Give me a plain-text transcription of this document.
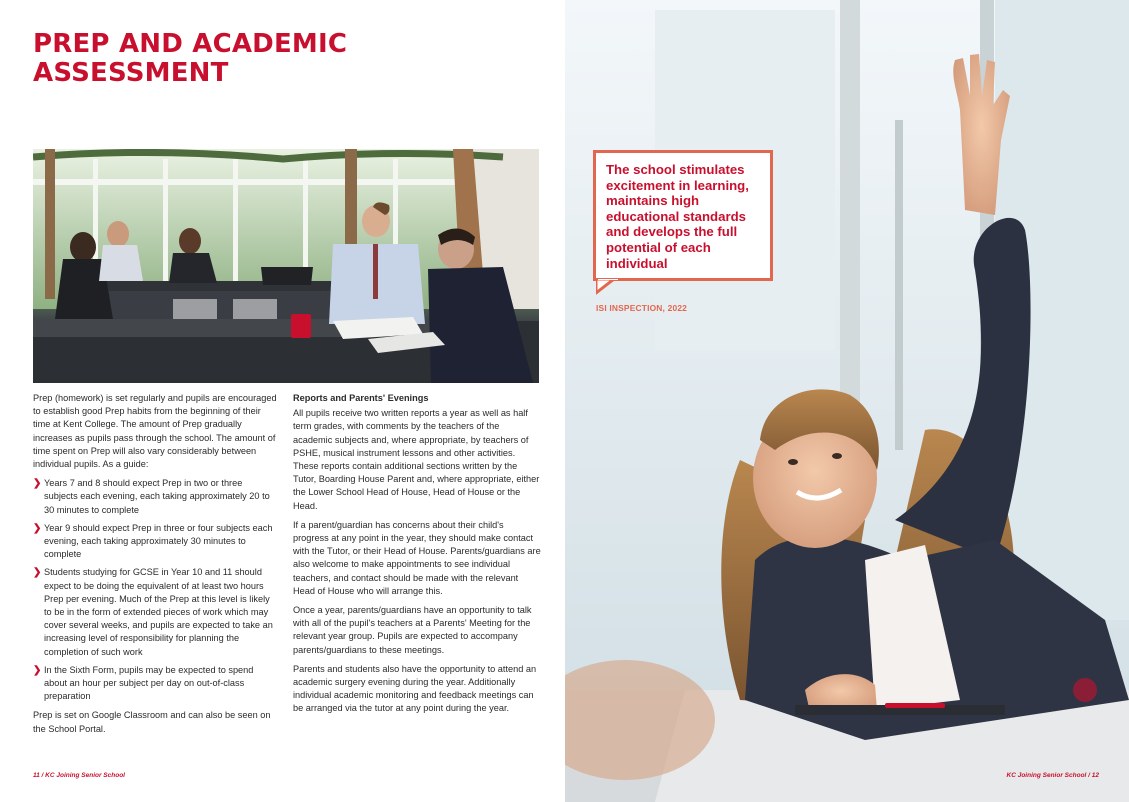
PREP AND ACADEMIC
ASSESSMENT

Prep (homework) is set regularly and pupils are encouraged to establish good Prep habits from the beginning of their time at Kent College. The amount of Prep gradually increases as pupils pass through the school. The amount of time spent on Prep will also vary considerably between individual pupils. As a guide:

❯ Years 7 and 8 should expect Prep in two or three subjects each evening, each taking approximately 20 to 30 minutes to complete
❯ Year 9 should expect Prep in three or four subjects each evening, each taking approximately 30 minutes to complete
❯ Students studying for GCSE in Year 10 and 11 should expect to be doing the equivalent of at least two hours Prep per evening. Much of the Prep at this level is likely to be in the form of extended pieces of work which may cover several weeks, and pupils are expected to take an increasing level of responsibility for planning the completion of such work
❯ In the Sixth Form, pupils may be expected to spend about an hour per subject per day on out-of-class preparation

Prep is set on Google Classroom and can also be seen on the School Portal.

Reports and Parents' Evenings

All pupils receive two written reports a year as well as half term grades, with comments by the teachers of the academic subjects and, where appropriate, by teachers of PSHE, musical instrument lessons and other activities. These reports contain additional sections written by the Tutor, Boarding House Parent and, where appropriate, either the Lower School Head of House, Head of House or the Head.

If a parent/guardian has concerns about their child's progress at any point in the year, they should make contact with the Tutor, or their Head of House. Parents/guardians are also welcome to make appointments to see individual teachers, and contact should be made with the relevant Head of House who will arrange this.

Once a year, parents/guardians have an opportunity to talk with all of the pupil's teachers at a Parents' Meeting for the relevant year group. Pupils are expected to accompany parents/guardians to these meetings.

Parents and students also have the opportunity to attend an academic surgery evening during the year. Additionally individual academic monitoring and feedback meetings can be arranged via the tutor at any point during the year.

The school stimulates excitement in learning, maintains high educational standards and develops the full potential of each individual

ISI INSPECTION, 2022
11 / KC Joining Senior School	KC Joining Senior School / 12
